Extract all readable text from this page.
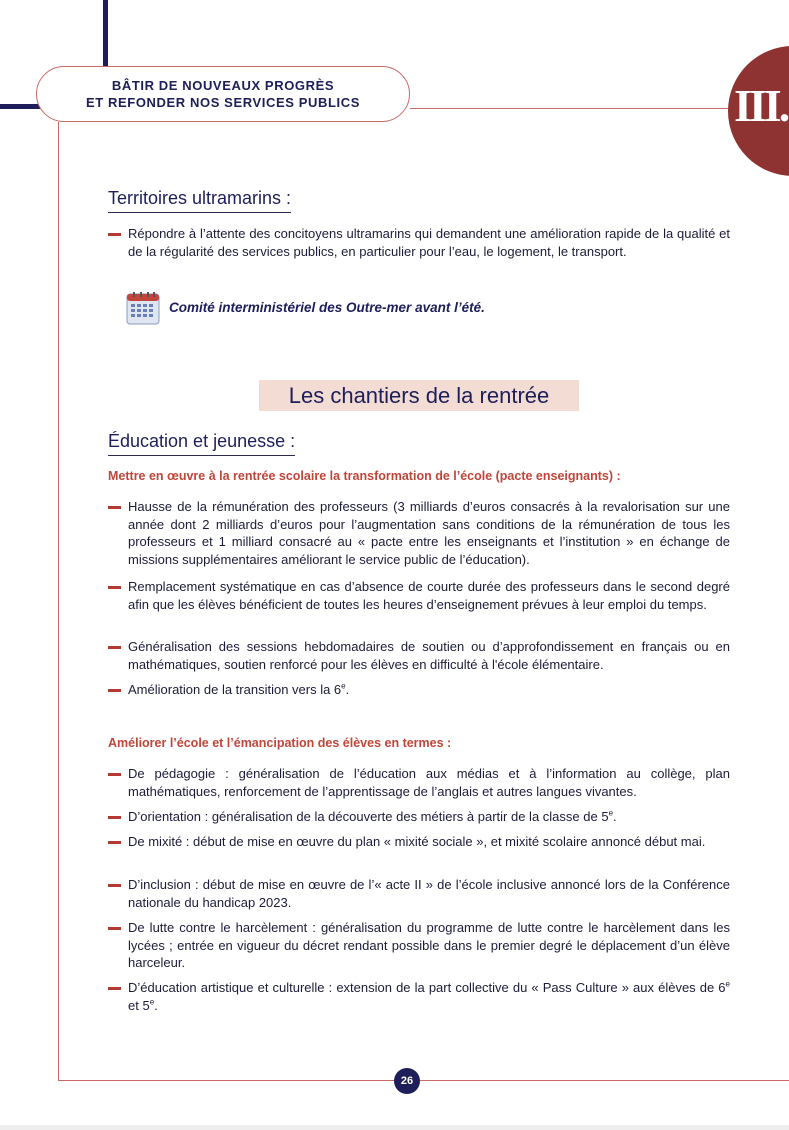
BÂTIR DE NOUVEAUX PROGRÈS
ET REFONDER NOS SERVICES PUBLICS	III.
Territoires ultramarins :
Répondre à l’attente des concitoyens ultramarins qui demandent une amélioration rapide de la qualité et de la régularité des services publics, en particulier pour l’eau, le logement, le transport.
Comité interministériel des Outre-mer avant l’été.
Les chantiers de la rentrée
Éducation et jeunesse :
Mettre en œuvre à la rentrée scolaire la transformation de l’école (pacte enseignants) :
Hausse de la rémunération des professeurs (3 milliards d’euros consacrés à la revalorisation sur une année dont 2 milliards d’euros pour l’augmentation sans conditions de la rémunération de tous les professeurs et 1 milliard consacré au « pacte entre les enseignants et l’institution » en échange de missions supplémentaires améliorant le service public de l’éducation).
Remplacement systématique en cas d’absence de courte durée des professeurs dans le second degré afin que les élèves bénéficient de toutes les heures d’enseignement prévues à leur emploi du temps.
Généralisation des sessions hebdomadaires de soutien ou d’approfondissement en français ou en mathématiques, soutien renforcé pour les élèves en difficulté à l'école élémentaire.
Amélioration de la transition vers la 6e.
Améliorer l’école et l’émancipation des élèves en termes :
De pédagogie : généralisation de l’éducation aux médias et à l’information au collège, plan mathématiques, renforcement de l’apprentissage de l’anglais et autres langues vivantes.
D’orientation : généralisation de la découverte des métiers à partir de la classe de 5e.
De mixité : début de mise en œuvre du plan « mixité sociale », et mixité scolaire annoncé début mai.
D’inclusion : début de mise en œuvre de l’« acte II » de l’école inclusive annoncé lors de la Conférence nationale du handicap 2023.
De lutte contre le harcèlement : généralisation du programme de lutte contre le harcèlement dans les lycées ; entrée en vigueur du décret rendant possible dans le premier degré le déplacement d’un élève harceleur.
D’éducation artistique et culturelle : extension de la part collective du « Pass Culture » aux élèves de 6e et 5e.
26
